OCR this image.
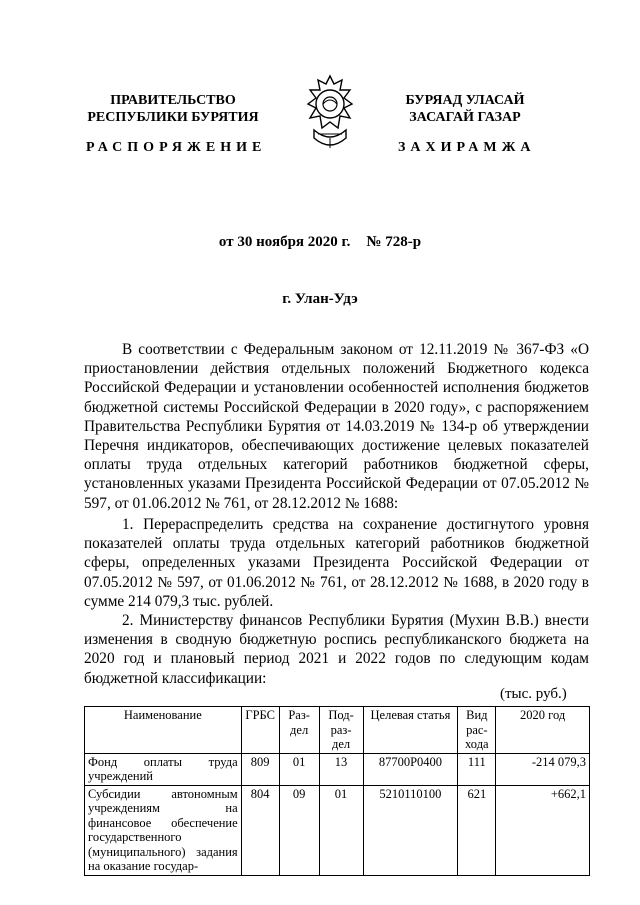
ПРАВИТЕЛЬСТВО
РЕСПУБЛИКИ БУРЯТИЯ
БУРЯАД УЛАСАЙ
ЗАСАГАЙ ГАЗАР
РАСПОРЯЖЕНИЕ	ЗАХИРАМЖА
от 30 ноября 2020 г. № 728-р
г. Улан-Удэ

В соответствии с Федеральным законом от 12.11.2019 № 367-ФЗ «О приостановлении действия отдельных положений Бюджетного кодекса Российской Федерации и установлении особенностей исполнения бюджетов бюджетной системы Российской Федерации в 2020 году», с распоряжением Правительства Республики Бурятия от 14.03.2019 № 134-р об утверждении Перечня индикаторов, обеспечивающих достижение целевых показателей оплаты труда отдельных категорий работников бюджетной сферы, установленных указами Президента Российской Федерации от 07.05.2012 № 597, от 01.06.2012 № 761, от 28.12.2012 № 1688:

1. Перераспределить средства на сохранение достигнутого уровня показателей оплаты труда отдельных категорий работников бюджетной сферы, определенных указами Президента Российской Федерации от 07.05.2012 № 597, от 01.06.2012 № 761, от 28.12.2012 № 1688, в 2020 году в сумме 214 079,3 тыс. рублей.

2. Министерству финансов Республики Бурятия (Мухин В.В.) внести изменения в сводную бюджетную роспись республиканского бюджета на 2020 год и плановый период 2021 и 2022 годов по следующим кодам бюджетной классификации:

(тыс. руб.)
Наименование	ГРБС	Раз-дел	Под-раз-дел	Целевая статья	Вид рас-хода	2020 год
Фонд оплаты труда учреждений	809	01	13	87700Р0400	111	-214 079,3
Субсидии автономным учреждениям на финансовое обеспечение государственного (муниципального) задания на оказание государ-	804	09	01	5210110100	621	+662,1
